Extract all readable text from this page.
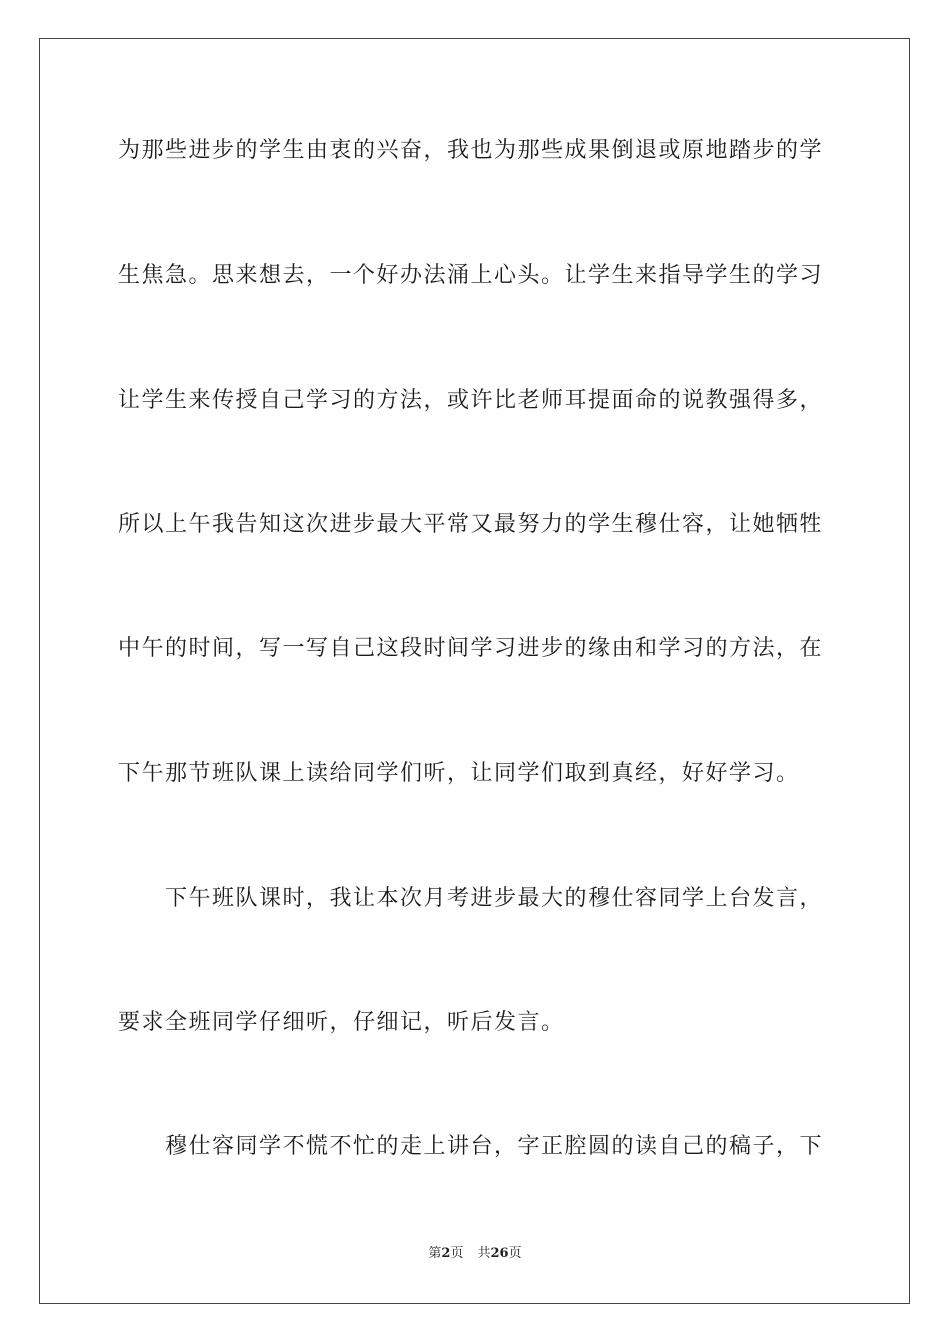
为那些进步的学生由衷的兴奋，我也为那些成果倒退或原地踏步的学
生焦急。思来想去，一个好办法涌上心头。让学生来指导学生的学习
让学生来传授自己学习的方法，或许比老师耳提面命的说教强得多，
所以上午我告知这次进步最大平常又最努力的学生穆仕容，让她牺牲
中午的时间，写一写自己这段时间学习进步的缘由和学习的方法，在
下午那节班队课上读给同学们听，让同学们取到真经，好好学习。
下午班队课时，我让本次月考进步最大的穆仕容同学上台发言，
要求全班同学仔细听，仔细记，听后发言。
穆仕容同学不慌不忙的走上讲台，字正腔圆的读自己的稿子，下
第2页 共26页
